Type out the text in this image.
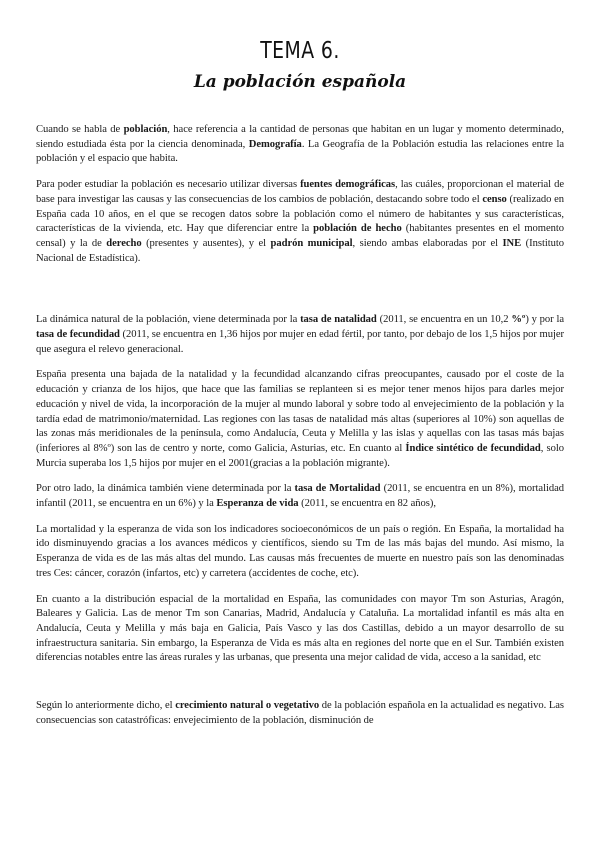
TEMA 6.
La población española

Cuando se habla de población, hace referencia a la cantidad de personas que habitan en un lugar y momento determinado, siendo estudiada ésta por la ciencia denominada, Demografía. La Geografía de la Población estudia las relaciones entre la población y el espacio que habita.

Para poder estudiar la población es necesario utilizar diversas fuentes demográficas, las cuáles, proporcionan el material de base para investigar las causas y las consecuencias de los cambios de población, destacando sobre todo el censo (realizado en España cada 10 años, en el que se recogen datos sobre la población como el número de habitantes y sus características, características de la vivienda, etc. Hay que diferenciar entre la población de hecho (habitantes presentes en el momento censal) y la de derecho (presentes y ausentes), y el padrón municipal, siendo ambas elaboradas por el INE (Instituto Nacional de Estadística).

La dinámica natural de la población, viene determinada por la tasa de natalidad (2011, se encuentra en un 10,2 %º) y por la tasa de fecundidad (2011, se encuentra en 1,36 hijos por mujer en edad fértil, por tanto, por debajo de los 1,5 hijos por mujer que asegura el relevo generacional.

España presenta una bajada de la natalidad y la fecundidad alcanzando cifras preocupantes, causado por el coste de la educación y crianza de los hijos, que hace que las familias se replanteen si es mejor tener menos hijos para darles mejor educación y nivel de vida, la incorporación de la mujer al mundo laboral y sobre todo al envejecimiento de la población y la tardía edad de matrimonio/maternidad. Las regiones con las tasas de natalidad más altas (superiores al 10%) son aquellas de las zonas más meridionales de la península, como Andalucía, Ceuta y Melilla y las islas y aquellas con las tasas más bajas (inferiores al 8%º) son las de centro y norte, como Galicia, Asturias, etc. En cuanto al Índice sintético de fecundidad, solo Murcia superaba los 1,5 hijos por mujer en el 2001(gracias a la población migrante).

Por otro lado, la dinámica también viene determinada por la tasa de Mortalidad (2011, se encuentra en un 8%), mortalidad infantil (2011, se encuentra en un 6%) y la Esperanza de vida (2011, se encuentra en 82 años),

La mortalidad y la esperanza de vida son los indicadores socioeconómicos de un país o región. En España, la mortalidad ha ido disminuyendo gracias a los avances médicos y científicos, siendo su Tm de las más bajas del mundo. Así mismo, la Esperanza de vida es de las más altas del mundo. Las causas más frecuentes de muerte en nuestro país son las denominadas tres Ces: cáncer, corazón (infartos, etc) y carretera (accidentes de coche, etc).

En cuanto a la distribución espacial de la mortalidad en España, las comunidades con mayor Tm son Asturias, Aragón, Baleares y Galicia. Las de menor Tm son Canarias, Madrid, Andalucía y Cataluña. La mortalidad infantil es más alta en Andalucía, Ceuta y Melilla y más baja en Galicia, País Vasco y las dos Castillas, debido a un mayor desarrollo de su infraestructura sanitaria. Sin embargo, la Esperanza de Vida es más alta en regiones del norte que en el Sur. También existen diferencias notables entre las áreas rurales y las urbanas, que presenta una mejor calidad de vida, acceso a la sanidad, etc

Según lo anteriormente dicho, el crecimiento natural o vegetativo de la población española en la actualidad es negativo. Las consecuencias son catastróficas: envejecimiento de la población, disminución de
